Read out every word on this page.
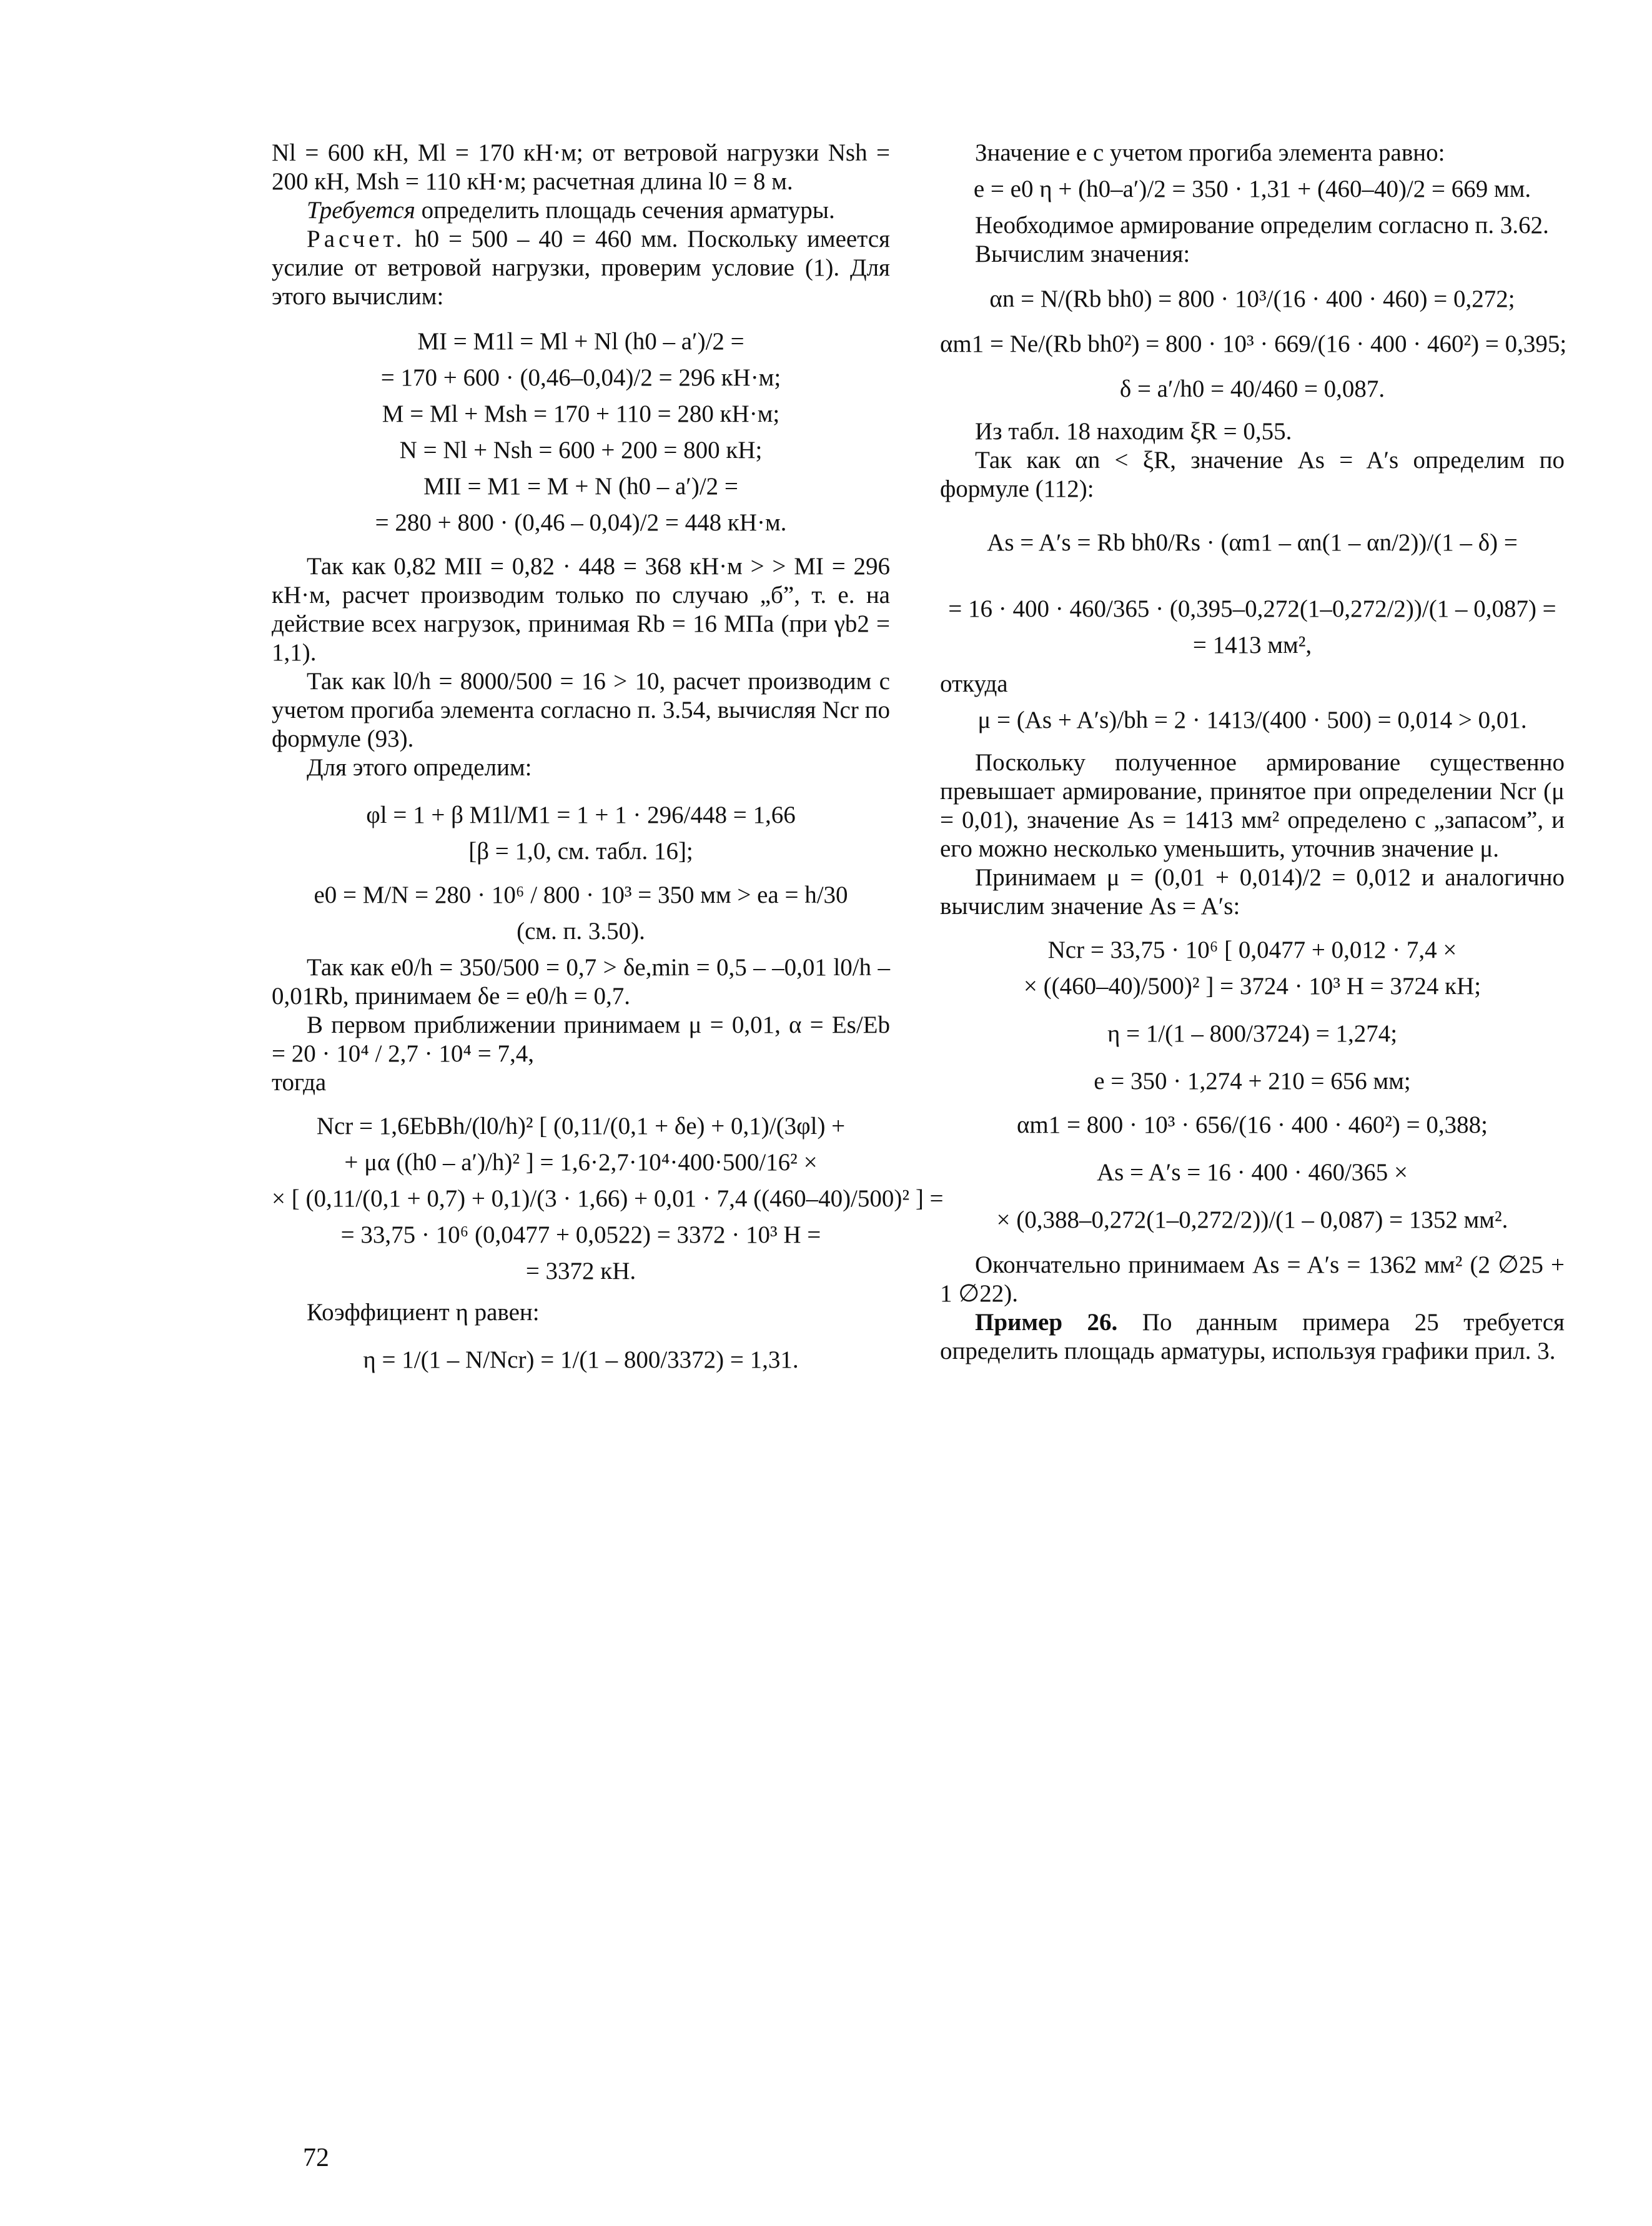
Nl = 600 кН, Ml = 170 кН·м; от ветровой нагрузки Nsh = 200 кН, Msh = 110 кН·м; расчетная длина l0 = 8 м.

Требуется определить площадь сечения арматуры.

Расчет. h0 = 500 – 40 = 460 мм. Поскольку имеется усилие от ветровой нагрузки, проверим условие (1). Для этого вычислим:

MI = M1l = Ml + Nl (h0 – a′)/2 =
= 170 + 600 · (0,46–0,04)/2 = 296 кН·м;
M = Ml + Msh = 170 + 110 = 280 кН·м;
N = Nl + Nsh = 600 + 200 = 800 кН;
MII = M1 = M + N (h0 – a′)/2 =
= 280 + 800 · (0,46 – 0,04)/2 = 448 кН·м.

Так как 0,82 MII = 0,82 · 448 = 368 кН·м > > MI = 296 кН·м, расчет производим только по случаю „б”, т. е. на действие всех нагрузок, принимая Rb = 16 МПа (при γb2 = 1,1).

Так как l0/h = 8000/500 = 16 > 10, расчет производим с учетом прогиба элемента согласно п. 3.54, вычисляя Ncr по формуле (93).

Для этого определим:

φl = 1 + β M1l/M1 = 1 + 1 · 296/448 = 1,66
[β = 1,0, см. табл. 16];
e0 = M/N = 280 · 10⁶ / 800 · 10³ = 350 мм > ea = h/30
(см. п. 3.50).

Так как e0/h = 350/500 = 0,7 > δe,min = 0,5 – –0,01 l0/h – 0,01Rb, принимаем δe = e0/h = 0,7.

В первом приближении принимаем μ = 0,01, α = Es/Eb = 20 · 10⁴ / 2,7 · 10⁴ = 7,4,

тогда

Ncr = 1,6EbBh/(l0/h)² [ (0,11/(0,1 + δe) + 0,1)/(3φl) +
+ μα ((h0 – a′)/h)² ] = 1,6·2,7·10⁴·400·500/16² ×
× [ (0,11/(0,1 + 0,7) + 0,1)/(3 · 1,66) + 0,01 · 7,4 ((460–40)/500)² ] =
= 33,75 · 10⁶ (0,0477 + 0,0522) = 3372 · 10³ Н =
= 3372 кН.

Коэффициент η равен:

η = 1/(1 – N/Ncr) = 1/(1 – 800/3372) = 1,31.

Значение e с учетом прогиба элемента равно:

e = e0 η + (h0–a′)/2 = 350 · 1,31 + (460–40)/2 = 669 мм.

Необходимое армирование определим согласно п. 3.62.

Вычислим значения:

αn = N/(Rb bh0) = 800 · 10³/(16 · 400 · 460) = 0,272;
αm1 = Ne/(Rb bh0²) = 800 · 10³ · 669/(16 · 400 · 460²) = 0,395;
δ = a′/h0 = 40/460 = 0,087.

Из табл. 18 находим ξR = 0,55.

Так как αn < ξR, значение As = A′s определим по формуле (112):

As = A′s = Rb bh0/Rs · (αm1 – αn(1 – αn/2))/(1 – δ) =
= 16 · 400 · 460/365 · (0,395–0,272(1–0,272/2))/(1 – 0,087) =
= 1413 мм²,

откуда

μ = (As + A′s)/bh = 2 · 1413/(400 · 500) = 0,014 > 0,01.

Поскольку полученное армирование существенно превышает армирование, принятое при определении Ncr (μ = 0,01), значение As = 1413 мм² определено с „запасом”, и его можно несколько уменьшить, уточнив значение μ.

Принимаем μ = (0,01 + 0,014)/2 = 0,012 и аналогично вычислим значение As = A′s:

Ncr = 33,75 · 10⁶ [ 0,0477 + 0,012 · 7,4 ×
× ((460–40)/500)² ] = 3724 · 10³ Н = 3724 кН;
η = 1/(1 – 800/3724) = 1,274;
e = 350 · 1,274 + 210 = 656 мм;
αm1 = 800 · 10³ · 656/(16 · 400 · 460²) = 0,388;
As = A′s = 16 · 400 · 460/365 ×
× (0,388–0,272(1–0,272/2))/(1 – 0,087) = 1352 мм².

Окончательно принимаем As = A′s = 1362 мм² (2 ∅25 + 1 ∅22).

Пример 26. По данным примера 25 требуется определить площадь арматуры, используя графики прил. 3.

72
